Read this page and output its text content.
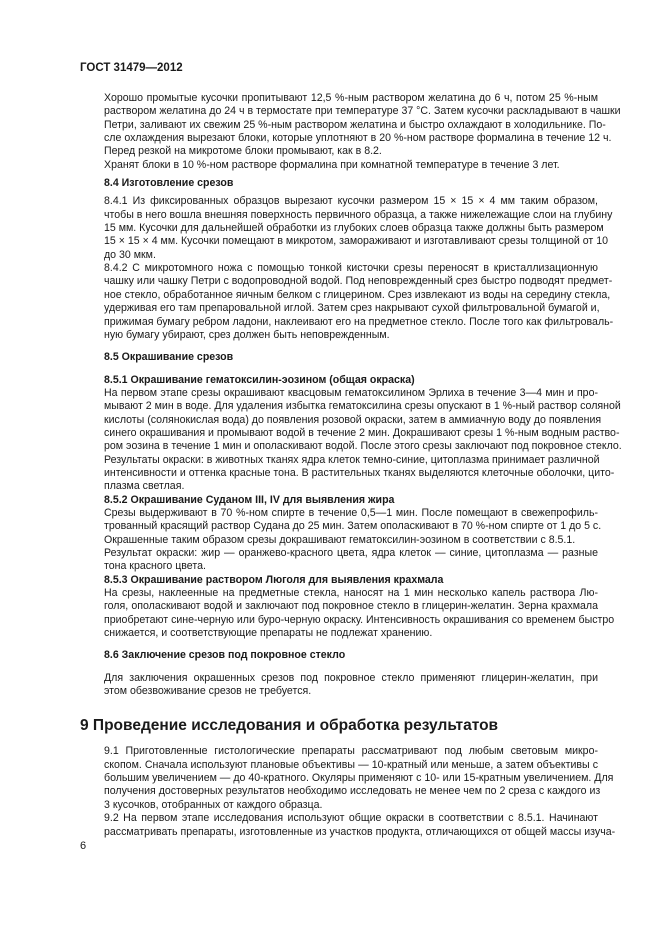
ГОСТ 31479—2012
Хорошо промытые кусочки пропитывают 12,5 %-ным раствором желатина до 6 ч, потом 25 %-ным
раствором желатина до 24 ч в термостате при температуре 37 °С. Затем кусочки раскладывают в чашки
Петри, заливают их свежим 25 %-ным раствором желатина и быстро охлаждают в холодильнике. По-
сле охлаждения вырезают блоки, которые уплотняют в 20 %-ном растворе формалина в течение 12 ч.
Перед резкой на микротоме блоки промывают, как в 8.2.
Хранят блоки в 10 %-ном растворе формалина при комнатной температуре в течение 3 лет.
8.4 Изготовление срезов
8.4.1 Из фиксированных образцов вырезают кусочки размером 15 × 15 × 4 мм таким образом,
чтобы в него вошла внешняя поверхность первичного образца, а также нижележащие слои на глубину
15 мм. Кусочки для дальнейшей обработки из глубоких слоев образца также должны быть размером
15 × 15 × 4 мм. Кусочки помещают в микротом, замораживают и изготавливают срезы толщиной от 10
до 30 мкм.
8.4.2 С микротомного ножа с помощью тонкой кисточки срезы переносят в кристаллизационную
чашку или чашку Петри с водопроводной водой. Под неповрежденный срез быстро подводят предмет-
ное стекло, обработанное яичным белком с глицерином. Срез извлекают из воды на середину стекла,
удерживая его там препаровальной иглой. Затем срез накрывают сухой фильтровальной бумагой и,
прижимая бумагу ребром ладони, наклеивают его на предметное стекло. После того как фильтроваль-
ную бумагу убирают, срез должен быть неповрежденным.
8.5 Окрашивание срезов
8.5.1 Окрашивание гематоксилин-эозином (общая окраска)
На первом этапе срезы окрашивают квасцовым гематоксилином Эрлиха в течение 3—4 мин и про-
мывают 2 мин в воде. Для удаления избытка гематоксилина срезы опускают в 1 %-ный раствор соляной
кислоты (солянокислая вода) до появления розовой окраски, затем в аммиачную воду до появления
синего окрашивания и промывают водой в течение 2 мин. Докрашивают срезы 1 %-ным водным раство-
ром эозина в течение 1 мин и ополаскивают водой. После этого срезы заключают под покровное стекло.
Результаты окраски: в животных тканях ядра клеток темно-синие, цитоплазма принимает различной
интенсивности и оттенка красные тона. В растительных тканях выделяются клеточные оболочки, цито-
плазма светлая.
8.5.2 Окрашивание Суданом III, IV для выявления жира
Срезы выдерживают в 70 %-ном спирте в течение 0,5—1 мин. После помещают в свежепрофиль-
трованный красящий раствор Судана до 25 мин. Затем ополаскивают в 70 %-ном спирте от 1 до 5 с.
Окрашенные таким образом срезы докрашивают гематоксилин-эозином в соответствии с 8.5.1.
Результат окраски: жир — оранжево-красного цвета, ядра клеток — синие, цитоплазма — разные
тона красного цвета.
8.5.3 Окрашивание раствором Люголя для выявления крахмала
На срезы, наклеенные на предметные стекла, наносят на 1 мин несколько капель раствора Лю-
голя, ополаскивают водой и заключают под покровное стекло в глицерин-желатин. Зерна крахмала
приобретают сине-черную или буро-черную окраску. Интенсивность окрашивания со временем быстро
снижается, и соответствующие препараты не подлежат хранению.
8.6 Заключение срезов под покровное стекло
Для заключения окрашенных срезов под покровное стекло применяют глицерин-желатин, при
этом обезвоживание срезов не требуется.
9 Проведение исследования и обработка результатов
9.1 Приготовленные гистологические препараты рассматривают под любым световым микро-
скопом. Сначала используют плановые объективы — 10-кратный или меньше, а затем объективы с
большим увеличением — до 40-кратного. Окуляры применяют с 10- или 15-кратным увеличением. Для
получения достоверных результатов необходимо исследовать не менее чем по 2 среза с каждого из
3 кусочков, отобранных от каждого образца.
9.2 На первом этапе исследования используют общие окраски в соответствии с 8.5.1. Начинают
рассматривать препараты, изготовленные из участков продукта, отличающихся от общей массы изуча-
6
